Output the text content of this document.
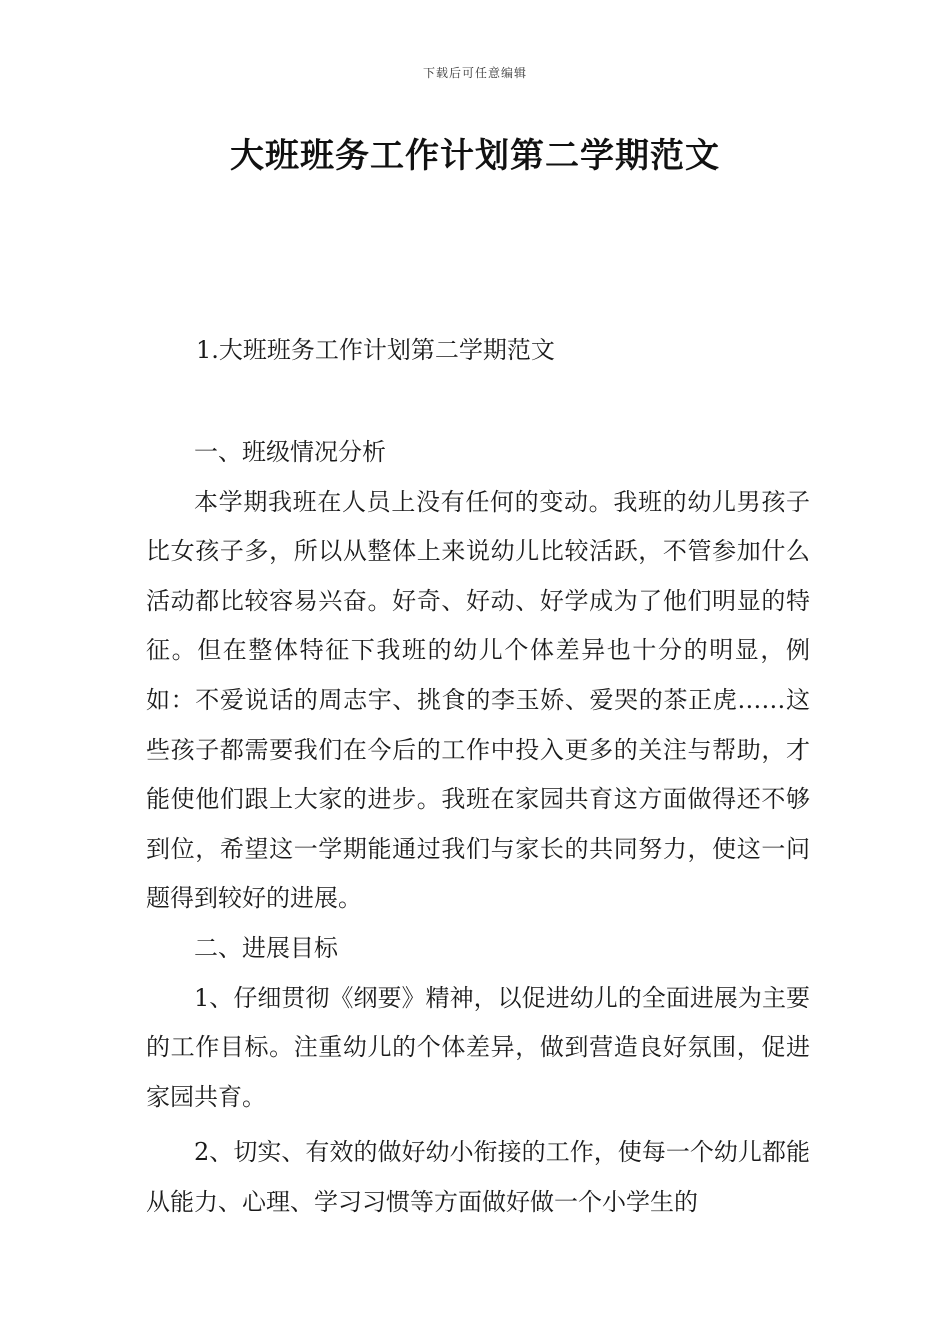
下载后可任意编辑
大班班务工作计划第二学期范文
1.大班班务工作计划第二学期范文

一、班级情况分析

本学期我班在人员上没有任何的变动。我班的幼儿男孩子比女孩子多，所以从整体上来说幼儿比较活跃，不管参加什么活动都比较容易兴奋。好奇、好动、好学成为了他们明显的特征。但在整体特征下我班的幼儿个体差异也十分的明显，例如：不爱说话的周志宇、挑食的李玉娇、爱哭的茶正虎……这些孩子都需要我们在今后的工作中投入更多的关注与帮助，才能使他们跟上大家的进步。我班在家园共育这方面做得还不够到位，希望这一学期能通过我们与家长的共同努力，使这一问题得到较好的进展。

二、进展目标

1、仔细贯彻《纲要》精神，以促进幼儿的全面进展为主要的工作目标。注重幼儿的个体差异，做到营造良好氛围，促进家园共育。

2、切实、有效的做好幼小衔接的工作，使每一个幼儿都能从能力、心理、学习习惯等方面做好做一个小学生的
